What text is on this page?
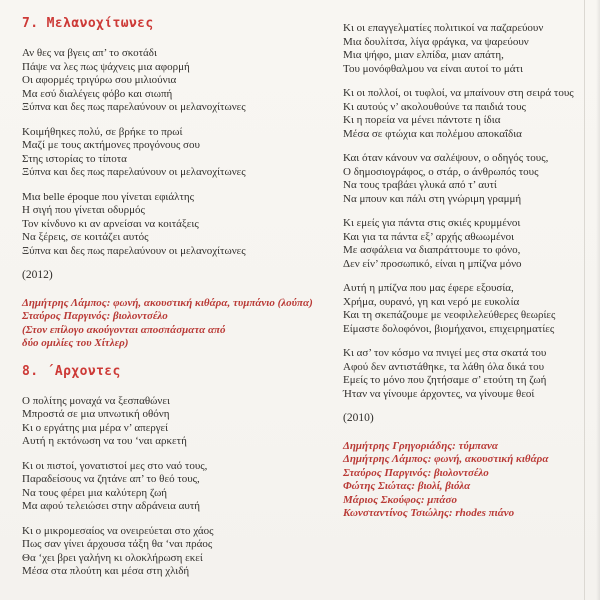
7. Μελανοχίτωνες
Αν θες να βγεις απ’ το σκοτάδι
Πάψε να λες πως ψάχνεις μια αφορμή
Οι αφορμές τριγύρω σου μιλιούνια
Μα εσύ διαλέγεις φόβο και σιωπή
Ξύπνα και δες πως παρελαύνουν οι μελανοχίτωνες
Κοιμήθηκες πολύ, σε βρήκε το πρωί
Μαζί με τους ακτήμονες προγόνους σου
Στης ιστορίας το τίποτα
Ξύπνα και δες πως παρελαύνουν οι μελανοχίτωνες
Μια belle époque που γίνεται εφιάλτης
Η σιγή που γίνεται οδυρμός
Τον κίνδυνο κι αν αρνείσαι να κοιτάξεις
Να ξέρεις, σε κοιτάζει αυτός
Ξύπνα και δες πως παρελαύνουν οι μελανοχίτωνες
(2012)
Δημήτρης Λάμπος: φωνή, ακουστική κιθάρα, τυμπάνιο (λούπα)
Σταύρος Παργινός: βιολοντσέλο
(Στον επίλογο ακούγονται αποσπάσματα από
δύο ομιλίες του Χίτλερ)
8. ΄Αρχοντες
Ο πολίτης μοναχά να ξεσπαθώνει
Μπροστά σε μια υπνωτική οθόνη
Κι ο εργάτης μια μέρα ν’ απεργεί
Αυτή η εκτόνωση να του ‘ναι αρκετή
Κι οι πιστοί, γονατιστοί μες στο ναό τους,
Παραδείσους να ζητάνε απ’ το θεό τους,
Να τους φέρει μια καλύτερη ζωή
Μα αφού τελειώσει στην αδράνεια αυτή
Κι ο μικρομεσαίος να ονειρεύεται στο χάος
Πως σαν γίνει άρχουσα τάξη θα ‘ναι πράος
Θα ‘χει βρει γαλήνη κι ολοκλήρωση εκεί
Μέσα στα πλούτη και μέσα στη χλιδή
Κι οι επαγγελματίες πολιτικοί να παζαρεύουν
Μια δουλίτσα, λίγα φράγκα, να ψαρεύουν
Μια ψήφο, μιαν ελπίδα, μιαν απάτη,
Του μονόφθαλμου να είναι αυτοί το μάτι
Κι οι πολλοί, οι τυφλοί, να μπαίνουν στη σειρά τους
Κι αυτούς ν’ ακολουθούνε τα παιδιά τους
Κι η πορεία να μένει πάντοτε η ίδια
Μέσα σε φτώχια και πολέμου αποκαΐδια
Και όταν κάνουν να σαλέψουν, ο οδηγός τους,
Ο δημοσιογράφος, ο στάρ, ο άνθρωπός τους
Να τους τραβάει γλυκά από τ’ αυτί
Να μπουν και πάλι στη γνώριμη γραμμή
Κι εμείς για πάντα στις σκιές κρυμμένοι
Και για τα πάντα εξ’ αρχής αθωωμένοι
Με ασφάλεια να διαπράττουμε το φόνο,
Δεν είν’ προσωπικό, είναι η μπίζνα μόνο
Αυτή η μπίζνα που μας έφερε εξουσία,
Χρήμα, ουρανό, γη και νερό με ευκολία
Και τη σκεπάζουμε με νεοφιλελεύθερες θεωρίες
Είμαστε δολοφόνοι, βιομήχανοι, επιχειρηματίες
Κι ασ’ τον κόσμο να πνιγεί μες στα σκατά του
Αφού δεν αντιστάθηκε, τα λάθη όλα δικά του
Εμείς το μόνο που ζητήσαμε σ’ ετούτη τη ζωή
Ήταν να γίνουμε άρχοντες, να γίνουμε θεοί
(2010)
Δημήτρης Γρηγοριάδης: τύμπανα
Δημήτρης Λάμπος: φωνή, ακουστική κιθάρα
Σταύρος Παργινός: βιολοντσέλο
Φώτης Σιώτας: βιολί, βιόλα
Μάριος Σκούφος: μπάσο
Κωνσταντίνος Τσιώλης: rhodes πιάνο
